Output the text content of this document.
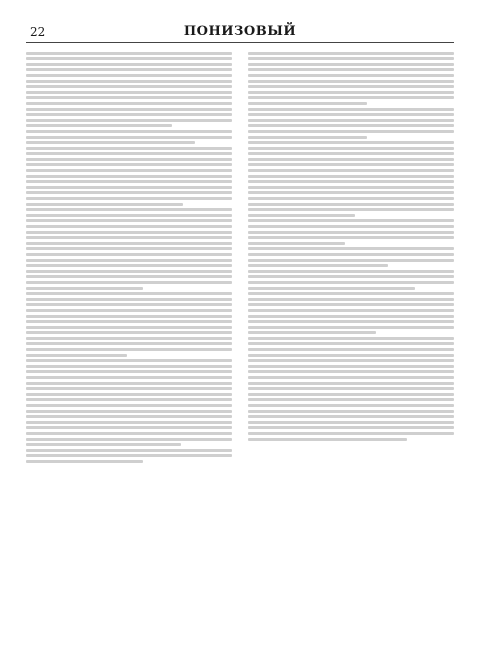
22	ПОНИЗОВЫЙ
